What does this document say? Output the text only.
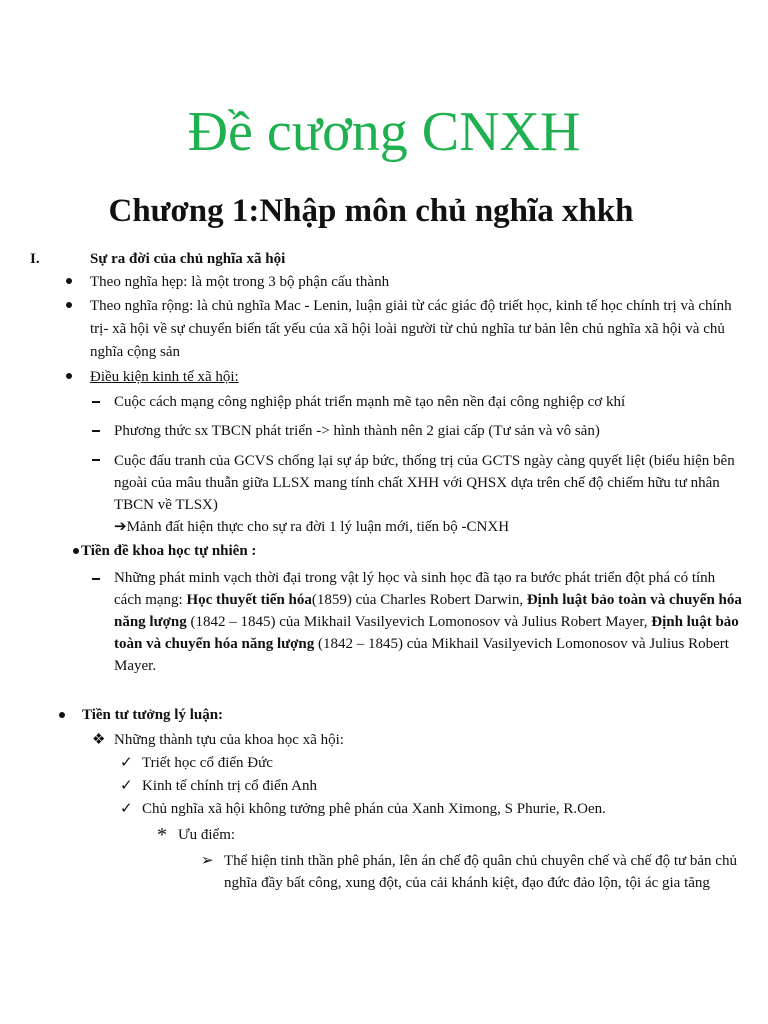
Đề cương CNXH
Chương 1:Nhập môn chủ nghĩa xhkh
I.	Sự ra đời của chủ nghĩa xã hội
Theo nghĩa hẹp: là một trong 3 bộ phận cấu thành
Theo nghĩa rộng: là chủ nghĩa Mac - Lenin, luận giải từ các giác độ triết học, kinh tế học chính trị và chính trị- xã hội về sự chuyển biến tất yếu của xã hội loài người từ chủ nghĩa tư bản lên chủ nghĩa xã hội và chủ nghĩa cộng sản
Điều kiện kinh tế xã hội:
Cuộc cách mạng công nghiệp phát triển mạnh mẽ tạo nên nền đại công nghiệp cơ khí
Phương thức sx TBCN phát triển -> hình thành nên 2 giai cấp (Tư sản và vô sản)
Cuộc đấu tranh của GCVS chống lại sự áp bức, thống trị của GCTS ngày càng quyết liệt (biểu hiện bên ngoài của mâu thuẫn giữa LLSX mang tính chất XHH với QHSX dựa trên chế độ chiếm hữu tư nhân TBCN về TLSX)
➔Mảnh đất hiện thực cho sự ra đời 1 lý luận mới, tiến bộ -CNXH
Tiền đề khoa học tự nhiên :
Những phát minh vạch thời đại trong vật lý học và sinh học đã tạo ra bước phát triển đột phá có tính cách mạng: Học thuyết tiến hóa(1859) của Charles Robert Darwin, Định luật bảo toàn và chuyển hóa năng lượng (1842 – 1845) của Mikhail Vasilyevich Lomonosov và Julius Robert Mayer, Định luật bảo toàn và chuyển hóa năng lượng (1842 – 1845) của Mikhail Vasilyevich Lomonosov và Julius Robert Mayer.
Tiền tư tưởng lý luận:
❖ Những thành tựu của khoa học xã hội:
✓ Triết học cổ điển Đức
✓ Kinh tế chính trị cổ điển Anh
✓ Chủ nghĩa xã hội không tưởng phê phán của Xanh Ximong, S Phurie, R.Oen.
* Ưu điểm:
➢ Thể hiện tinh thần phê phán, lên án chế độ quân chủ chuyên chế và chế độ tư bản chủ nghĩa đầy bất công, xung đột, của cải khánh kiệt, đạo đức đảo lộn, tội ác gia tăng
